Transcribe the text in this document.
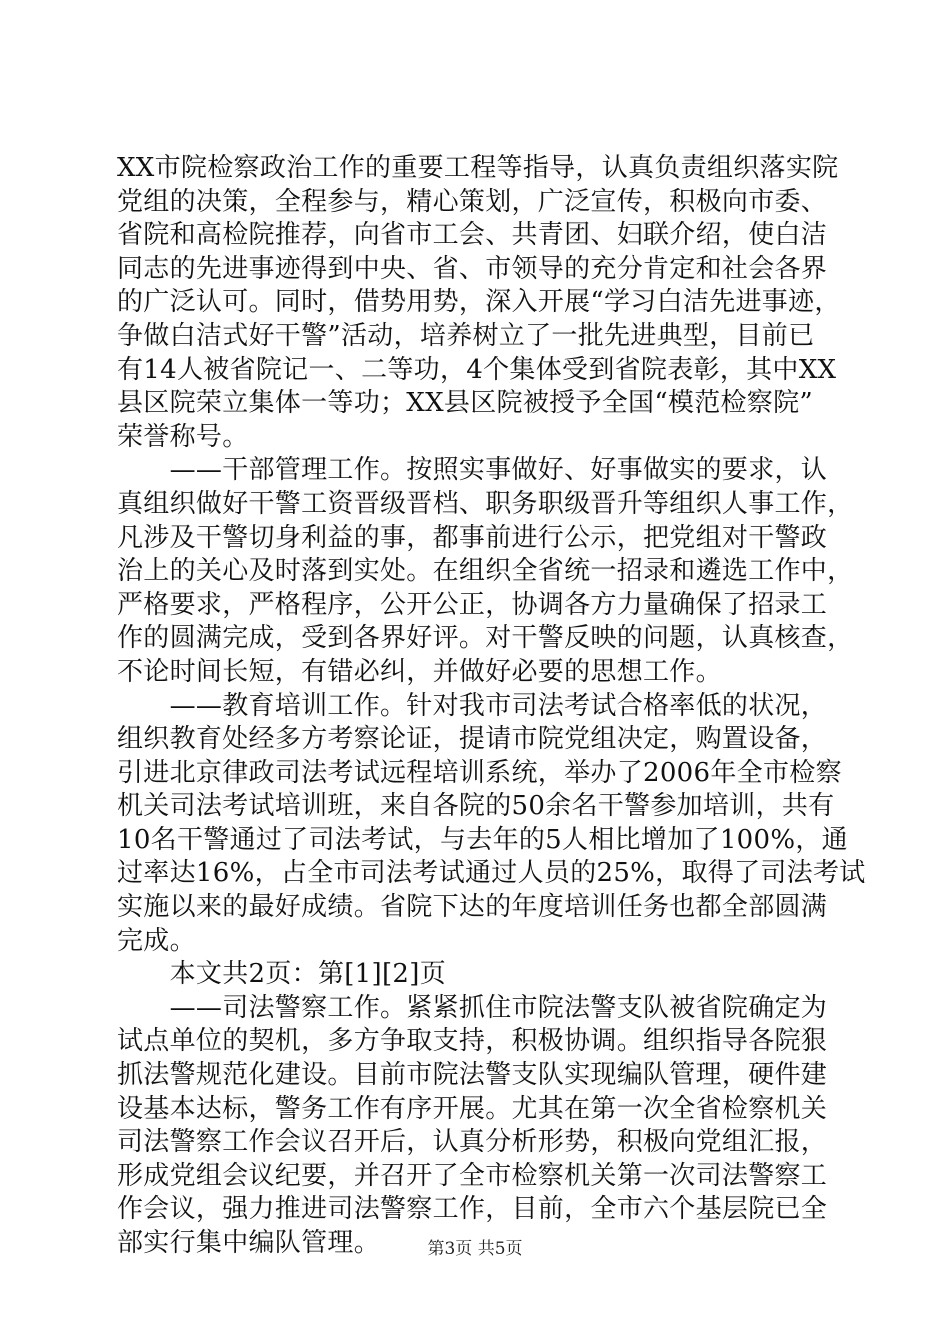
XX市院检察政治工作的重要工程等指导，认真负责组织落实院
党组的决策，全程参与，精心策划，广泛宣传，积极向市委、
省院和高检院推荐，向省市工会、共青团、妇联介绍，使白洁
同志的先进事迹得到中央、省、市领导的充分肯定和社会各界
的广泛认可。同时，借势用势，深入开展“学习白洁先进事迹，
争做白洁式好干警”活动，培养树立了一批先进典型，目前已
有14人被省院记一、二等功，4个集体受到省院表彰，其中XX
县区院荣立集体一等功；XX县区院被授予全国“模范检察院”
荣誉称号。
　　——干部管理工作。按照实事做好、好事做实的要求，认
真组织做好干警工资晋级晋档、职务职级晋升等组织人事工作，
凡涉及干警切身利益的事，都事前进行公示，把党组对干警政
治上的关心及时落到实处。在组织全省统一招录和遴选工作中，
严格要求，严格程序，公开公正，协调各方力量确保了招录工
作的圆满完成，受到各界好评。对干警反映的问题，认真核查，
不论时间长短，有错必纠，并做好必要的思想工作。
　　——教育培训工作。针对我市司法考试合格率低的状况，
组织教育处经多方考察论证，提请市院党组决定，购置设备，
引进北京律政司法考试远程培训系统，举办了2006年全市检察
机关司法考试培训班，来自各院的50余名干警参加培训，共有
10名干警通过了司法考试，与去年的5人相比增加了100%，通
过率达16%，占全市司法考试通过人员的25%，取得了司法考试
实施以来的最好成绩。省院下达的年度培训任务也都全部圆满
完成。
　　本文共2页：第[1][2]页
　　——司法警察工作。紧紧抓住市院法警支队被省院确定为
试点单位的契机，多方争取支持，积极协调。组织指导各院狠
抓法警规范化建设。目前市院法警支队实现编队管理，硬件建
设基本达标，警务工作有序开展。尤其在第一次全省检察机关
司法警察工作会议召开后，认真分析形势，积极向党组汇报，
形成党组会议纪要，并召开了全市检察机关第一次司法警察工
作会议，强力推进司法警察工作，目前，全市六个基层院已全
部实行集中编队管理。	第3页 共5页
